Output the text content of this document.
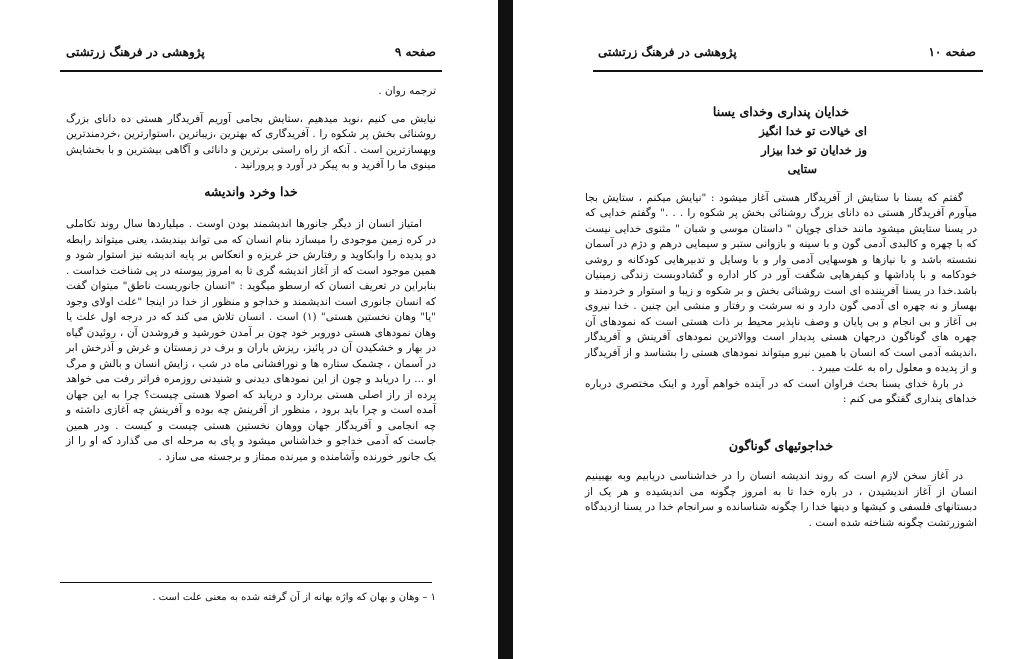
صفحه ۹
پژوهشی در فرهنگ زرتشتی

ترجمه روان .

نیایش می کنیم ،نوید میدهیم ،ستایش بجامی آوریم آفریدگار هستی ده دانای بزرگ روشنائی بخش پر شکوه را . آفریدگاری که بهترین ،زیباترین ،استوارترین ،خردمندترین وبهسازترین است . آنکه از راه راستی برترین و دانائی و آگاهی بیشترین و با بخشایش مینوی ما را آفرید و به پیکر در آورد و پرورانید .

خدا وخرد واندیشه

امتیاز انسان از دیگر جانورها اندیشمند بودن اوست . میلیاردها سال روند تکاملی در کره زمین موجودی را میسازد بنام انسان که می تواند بیندیشد، یعنی میتواند رابطه دو پدیده را وابکاوید و رفتارش حز غریزه و انعکاس بر پایه اندیشه نیز استوار شود و همین موجود است که از آغاز اندیشه گری تا به امروز پیوسته در پی شناخت خداست . بنابراین در تعریف انسان که ارسطو میگوید : "انسان جانوریست ناطق" میتوان گفت که انسان جانوری است اندیشمند و خداجو و منظور از خدا در اینجا "علت اولای وجود "یا" وهان نخستین هستی" (۱) است . انسان تلاش می کند که در درجه اول علت یا وهان نمودهای هستی دوروبر خود چون بر آمدن خورشید و فروشدن آن ، روئیدن گیاه در بهار و خشکیدن آن در پائیز، ریزش باران و برف در زمستان و غرش و آذرخش ابر در آسمان ، چشمک ستاره ها و نورافشانی ماه در شب ، زایش انسان و بالش و مرگ او ... را دریابد و چون از این نمودهای دیدنی و شنیدنی روزمره فراتر رفت می خواهد پرده از راز اصلی هستی بردارد و دریابد که اصولا هستی چیست؟ چرا به این جهان آمده است و چرا باید برود ، منظور از آفرینش چه بوده و آفرینش چه آغازی داشته و چه انجامی و آفریدگار جهان ووهان نخستین هستی چیست و کیست . ودر همین جاست که آدمی خداجو و خداشناس میشود و پای به مرحله ای می گذارد که او را از یک جانور خورنده وآشامنده و میرنده ممتاز و برجسته می سازد .

۱ – وهان و بهان که واژه بهانه از آن گرفته شده به معنی علت است .
صفحه ۱۰
پژوهشی در فرهنگ زرتشتی
خدایان پنداری وخدای یسنا
ای خیالات تو خدا انگیز
وز خدایان تو خدا بیزار
ستایی

گفتم که یسنا با ستایش از آفریدگار هستی آغاز میشود : "نیایش میکنم ، ستایش بجا میآورم آفریدگار هستی ده دانای بزرگ روشنائی بخش پر شکوه را . . ." وگفتم خدایی که در یسنا ستایش میشود مانند خدای چوپان " داستان موسی و شبان " مثنوی خدایی نیست که با چهره و کالبدی آدمی گون و با سینه و بازوانی ستبر و سیمایی درهم و دژم در آسمان نشسته باشد و با نیازها و هوسهایی آدمی وار و با وسایل و تدبیرهایی کودکانه و روشی خودکامه و با پاداشها و کیفرهایی شگفت آور در کار اداره و گشادوبست زندگی زمینیان باشد.خدا در یسنا آفریننده ای است روشنائی بخش و بر شکوه و زیبا و استوار و خردمند و بهساز و نه چهره ای آدمی گون دارد و نه سرشت و رفتار و منشی این چنین . خدا نیروی بی آغاز و بی انجام و بی پایان و وصف ناپذیر محیط بر ذات هستی است که نمودهای آن چهره های گوناگون درجهان هستی پدیدار است ووالاترین نمودهای آفرینش و آفریدگار ،اندیشه آدمی است که انسان با همین نیرو میتواند نمودهای هستی را بشناسد و از آفریدگار و از پدیده و معلول راه به علت میبرد .

در بارۀ خدای یسنا بحث فراوان است که در آینده خواهم آورد و اینک مختصری درباره خداهای پنداری گفتگو می کنم :

خداجوئیهای گوناگون

در آغاز سخن لازم است که روند اندیشه انسان را در خداشناسی دریابیم وبه بهبینیم انسان از آغاز اندیشیدن ، در باره خدا تا به امروز چگونه می اندیشیده و هر یک از دبستانهای فلسفی و کیشها و دینها خدا را چگونه شناسانده و سرانجام خدا در یسنا ازدیدگاه اشوزرتشت چگونه شناخته شده است .
